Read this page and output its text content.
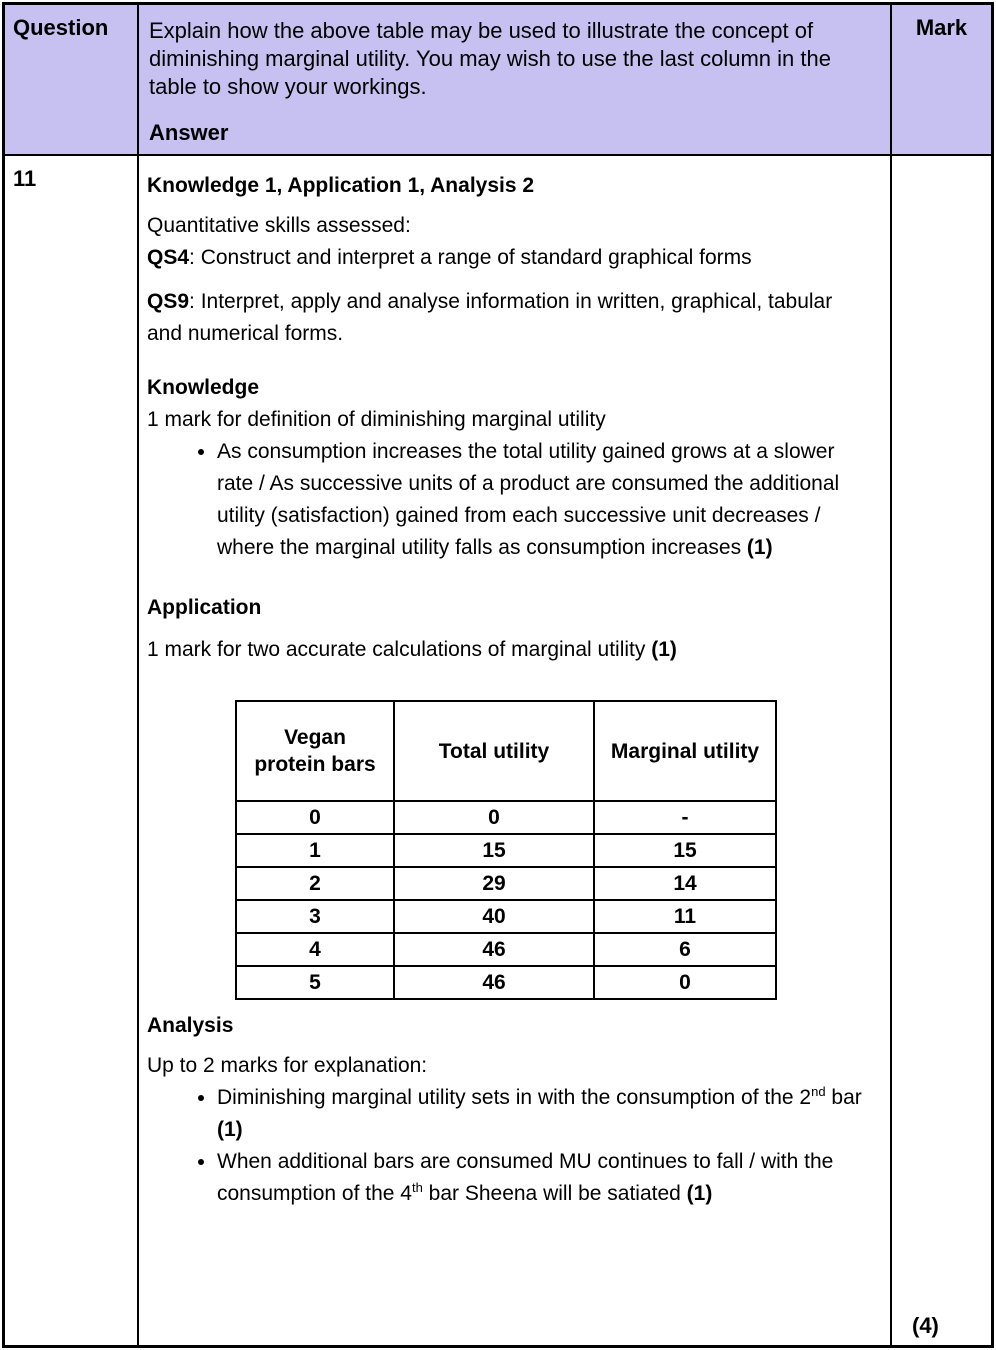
Question	Explain how the above table may be used to illustrate the concept of diminishing marginal utility. You may wish to use the last column in the table to show your workings.
Answer
Mark
11	Knowledge 1, Application 1, Analysis 2

Quantitative skills assessed:

QS4: Construct and interpret a range of standard graphical forms

QS9: Interpret, apply and analyse information in written, graphical, tabular and numerical forms.

Knowledge

1 mark for definition of diminishing marginal utility

• As consumption increases the total utility gained grows at a slower rate / As successive units of a product are consumed the additional utility (satisfaction) gained from each successive unit decreases / where the marginal utility falls as consumption increases (1)

Application

1 mark for two accurate calculations of marginal utility (1)

Vegan protein bars	Total utility	Marginal utility
0	0	-
1	15	15
2	29	14
3	40	11
4	46	6
5	46	0

Analysis

Up to 2 marks for explanation:

• Diminishing marginal utility sets in with the consumption of the 2nd bar (1)
• When additional bars are consumed MU continues to fall / with the consumption of the 4th bar Sheena will be satiated (1)
(4)
